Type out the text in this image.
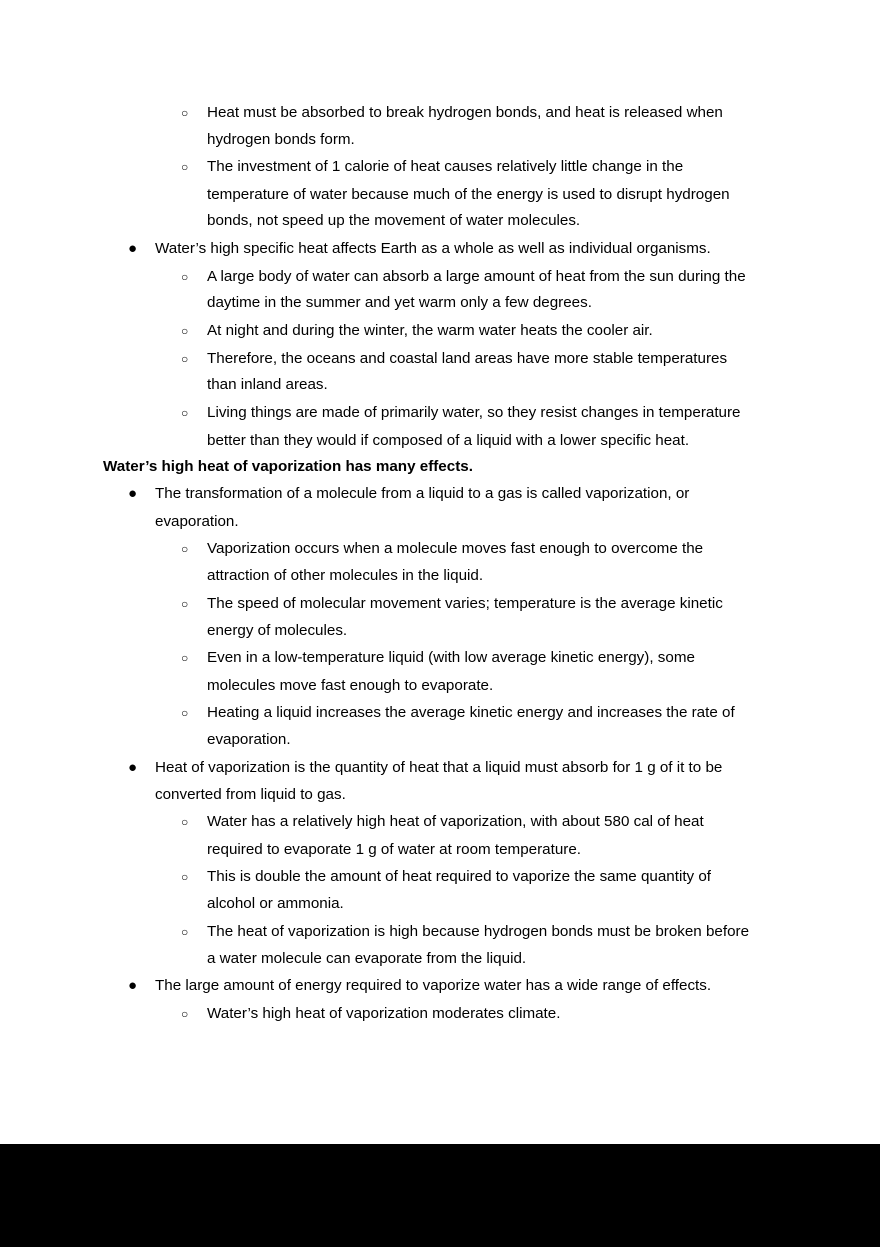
○ Heat must be absorbed to break hydrogen bonds, and heat is released when
hydrogen bonds form.
○ The investment of 1 calorie of heat causes relatively little change in the
temperature of water because much of the energy is used to disrupt hydrogen
bonds, not speed up the movement of water molecules.
● Water’s high specific heat affects Earth as a whole as well as individual organisms.
○ A large body of water can absorb a large amount of heat from the sun during the
daytime in the summer and yet warm only a few degrees.
○ At night and during the winter, the warm water heats the cooler air.
○ Therefore, the oceans and coastal land areas have more stable temperatures
than inland areas.
○ Living things are made of primarily water, so they resist changes in temperature
better than they would if composed of a liquid with a lower specific heat.
Water’s high heat of vaporization has many effects.
● The transformation of a molecule from a liquid to a gas is called vaporization, or
evaporation.
○ Vaporization occurs when a molecule moves fast enough to overcome the
attraction of other molecules in the liquid.
○ The speed of molecular movement varies; temperature is the average kinetic
energy of molecules.
○ Even in a low-temperature liquid (with low average kinetic energy), some
molecules move fast enough to evaporate.
○ Heating a liquid increases the average kinetic energy and increases the rate of
evaporation.
● Heat of vaporization is the quantity of heat that a liquid must absorb for 1 g of it to be
converted from liquid to gas.
○ Water has a relatively high heat of vaporization, with about 580 cal of heat
required to evaporate 1 g of water at room temperature.
○ This is double the amount of heat required to vaporize the same quantity of
alcohol or ammonia.
○ The heat of vaporization is high because hydrogen bonds must be broken before
a water molecule can evaporate from the liquid.
● The large amount of energy required to vaporize water has a wide range of effects.
○ Water’s high heat of vaporization moderates climate.
